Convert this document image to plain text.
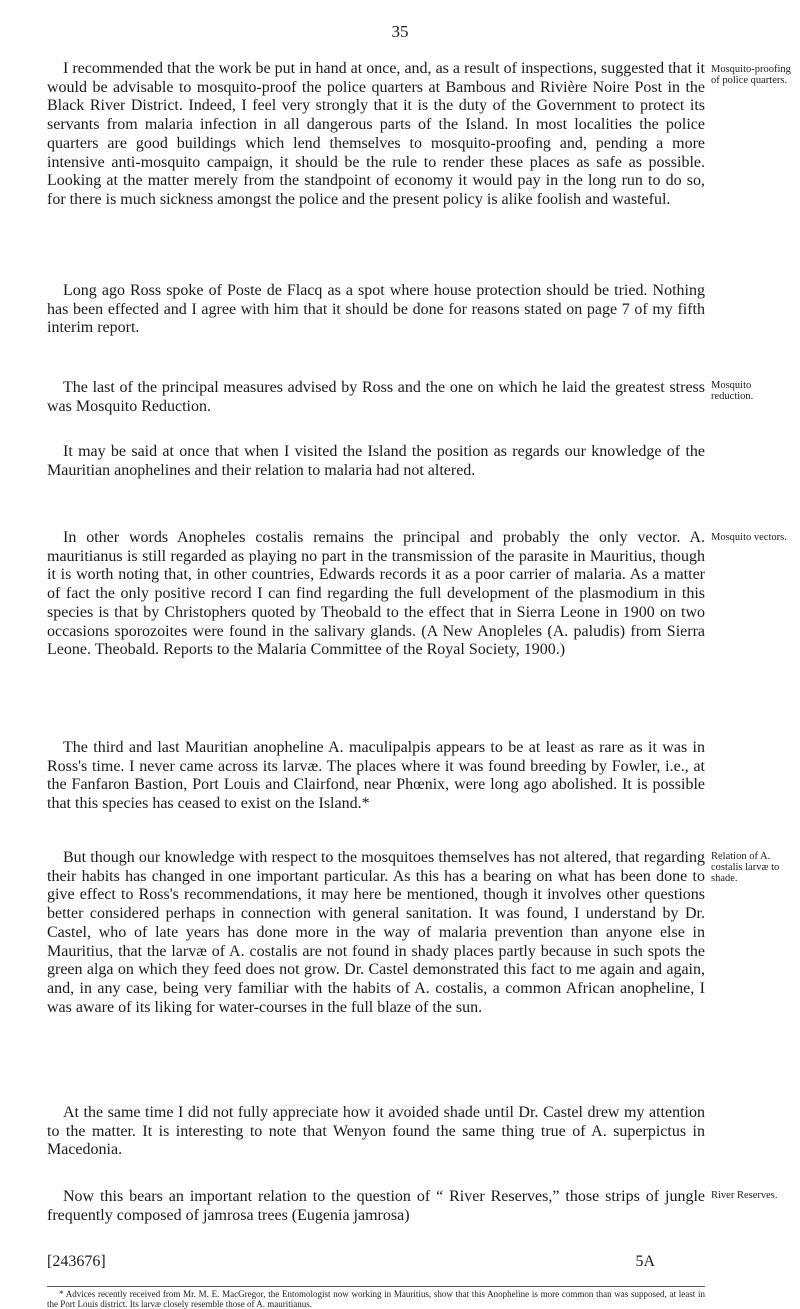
35

I recommended that the work be put in hand at once, and, as a result of inspections, suggested that it would be advisable to mosquito-proof the police quarters at Bambous and Rivière Noire Post in the Black River District. Indeed, I feel very strongly that it is the duty of the Government to protect its servants from malaria infection in all dangerous parts of the Island. In most localities the police quarters are good buildings which lend themselves to mosquito-proofing and, pending a more intensive anti-mosquito campaign, it should be the rule to render these places as safe as possible. Looking at the matter merely from the standpoint of economy it would pay in the long run to do so, for there is much sickness amongst the police and the present policy is alike foolish and wasteful.

Long ago Ross spoke of Poste de Flacq as a spot where house protection should be tried. Nothing has been effected and I agree with him that it should be done for reasons stated on page 7 of my fifth interim report.

The last of the principal measures advised by Ross and the one on which he laid the greatest stress was Mosquito Reduction.

It may be said at once that when I visited the Island the position as regards our knowledge of the Mauritian anophelines and their relation to malaria had not altered.

In other words Anopheles costalis remains the principal and probably the only vector. A. mauritianus is still regarded as playing no part in the transmission of the parasite in Mauritius, though it is worth noting that, in other countries, Edwards records it as a poor carrier of malaria. As a matter of fact the only positive record I can find regarding the full development of the plasmodium in this species is that by Christophers quoted by Theobald to the effect that in Sierra Leone in 1900 on two occasions sporozoites were found in the salivary glands. (A New Anopleles (A. paludis) from Sierra Leone. Theobald. Reports to the Malaria Committee of the Royal Society, 1900.)

The third and last Mauritian anopheline A. maculipalpis appears to be at least as rare as it was in Ross's time. I never came across its larvæ. The places where it was found breeding by Fowler, i.e., at the Fanfaron Bastion, Port Louis and Clairfond, near Phœnix, were long ago abolished. It is possible that this species has ceased to exist on the Island.*

But though our knowledge with respect to the mosquitoes themselves has not altered, that regarding their habits has changed in one important particular. As this has a bearing on what has been done to give effect to Ross's recommendations, it may here be mentioned, though it involves other questions better considered perhaps in connection with general sanitation. It was found, I understand by Dr. Castel, who of late years has done more in the way of malaria prevention than anyone else in Mauritius, that the larvæ of A. costalis are not found in shady places partly because in such spots the green alga on which they feed does not grow. Dr. Castel demonstrated this fact to me again and again, and, in any case, being very familiar with the habits of A. costalis, a common African anopheline, I was aware of its liking for water-courses in the full blaze of the sun.

At the same time I did not fully appreciate how it avoided shade until Dr. Castel drew my attention to the matter. It is interesting to note that Wenyon found the same thing true of A. superpictus in Macedonia.

Now this bears an important relation to the question of “ River Reserves,” those strips of jungle frequently composed of jamrosa trees (Eugenia jamrosa)

Mosquito-proofing of police quarters.

Mosquito reduction.

Mosquito vectors.

Relation of A. costalis larvæ to shade.

River Reserves.

[243676]	5A

* Advices recently received from Mr. M. E. MacGregor, the Entomologist now working in Mauritius, show that this Anopheline is more common than was supposed, at least in the Port Louis district. Its larvæ closely resemble those of A. mauritianus.
